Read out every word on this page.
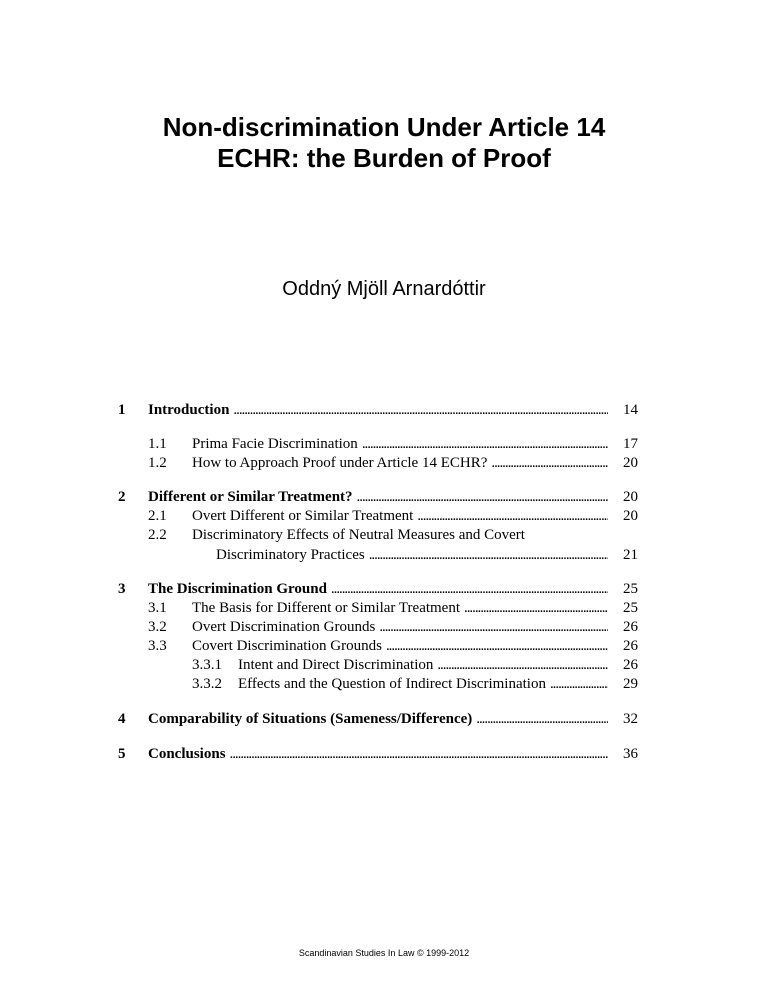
Non-discrimination Under Article 14
ECHR: the Burden of Proof
Oddný Mjöll Arnardóttir
1 Introduction . . .	14
1.1 Prima Facie Discrimination . . .	17
1.2 How to Approach Proof under Article 14 ECHR? . . .	20
2 Different or Similar Treatment? . . .	20
2.1 Overt Different or Similar Treatment . . .	20
2.2 Discriminatory Effects of Neutral Measures and Covert
Discriminatory Practices . . .	21
3 The Discrimination Ground . . .	25
3.1 The Basis for Different or Similar Treatment . . .	25
3.2 Overt Discrimination Grounds . . .	26
3.3 Covert Discrimination Grounds . . .	26
3.3.1 Intent and Direct Discrimination . . .	26
3.3.2 Effects and the Question of Indirect Discrimination . . .	29
4 Comparability of Situations (Sameness/Difference) . . .	32
5 Conclusions . . .	36
Scandinavian Studies In Law © 1999-2012
